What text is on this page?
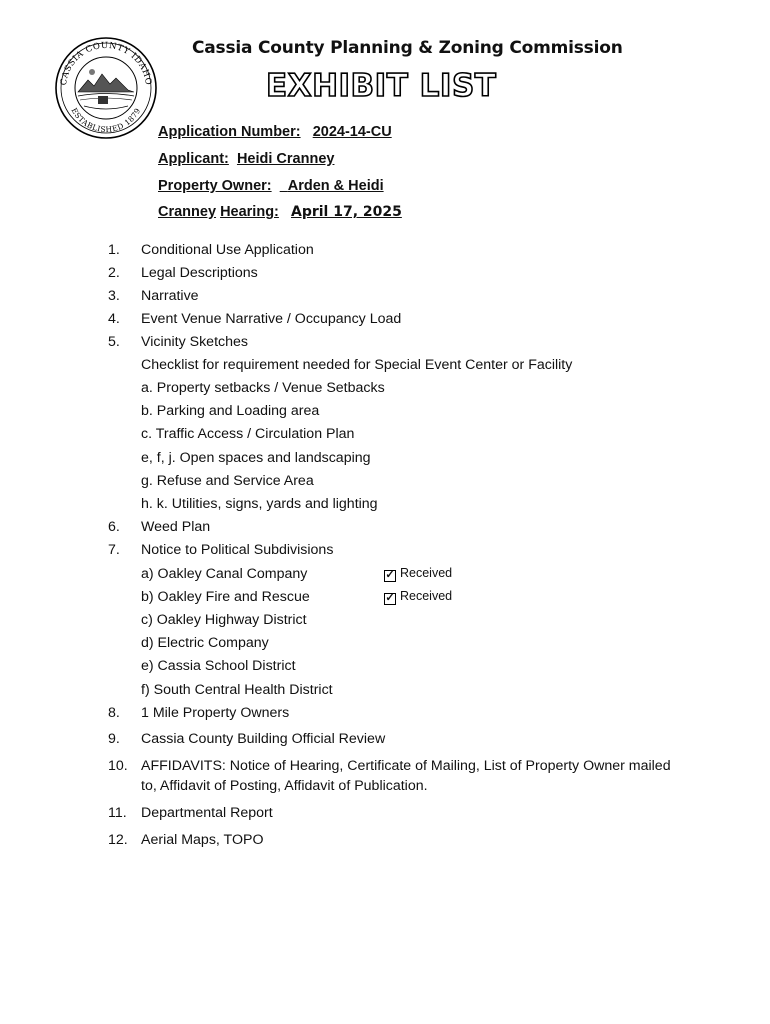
CASSIA COUNTY IDAHO
ESTABLISHED 1879
Cassia County Planning & Zoning Commission
EXHIBIT LIST
Application Number: 2024-14-CU
Applicant: Heidi Cranney
Property Owner: Arden & Heidi
Cranney Hearing: April 17, 2025
1. Conditional Use Application
2. Legal Descriptions
3. Narrative
4. Event Venue Narrative / Occupancy Load
5. Vicinity Sketches
Checklist for requirement needed for Special Event Center or Facility
a. Property setbacks / Venue Setbacks
b. Parking and Loading area
c. Traffic Access / Circulation Plan
e, f, j. Open spaces and landscaping
g. Refuse and Service Area
h. k. Utilities, signs, yards and lighting
6. Weed Plan
7. Notice to Political Subdivisions
a) Oakley Canal Company	✓ Received
b) Oakley Fire and Rescue	✓ Received
c) Oakley Highway District
d) Electric Company
e) Cassia School District
f) South Central Health District
8. 1 Mile Property Owners
9. Cassia County Building Official Review
10. AFFIDAVITS: Notice of Hearing, Certificate of Mailing, List of Property Owner mailed
to, Affidavit of Posting, Affidavit of Publication.
11. Departmental Report
12. Aerial Maps, TOPO
